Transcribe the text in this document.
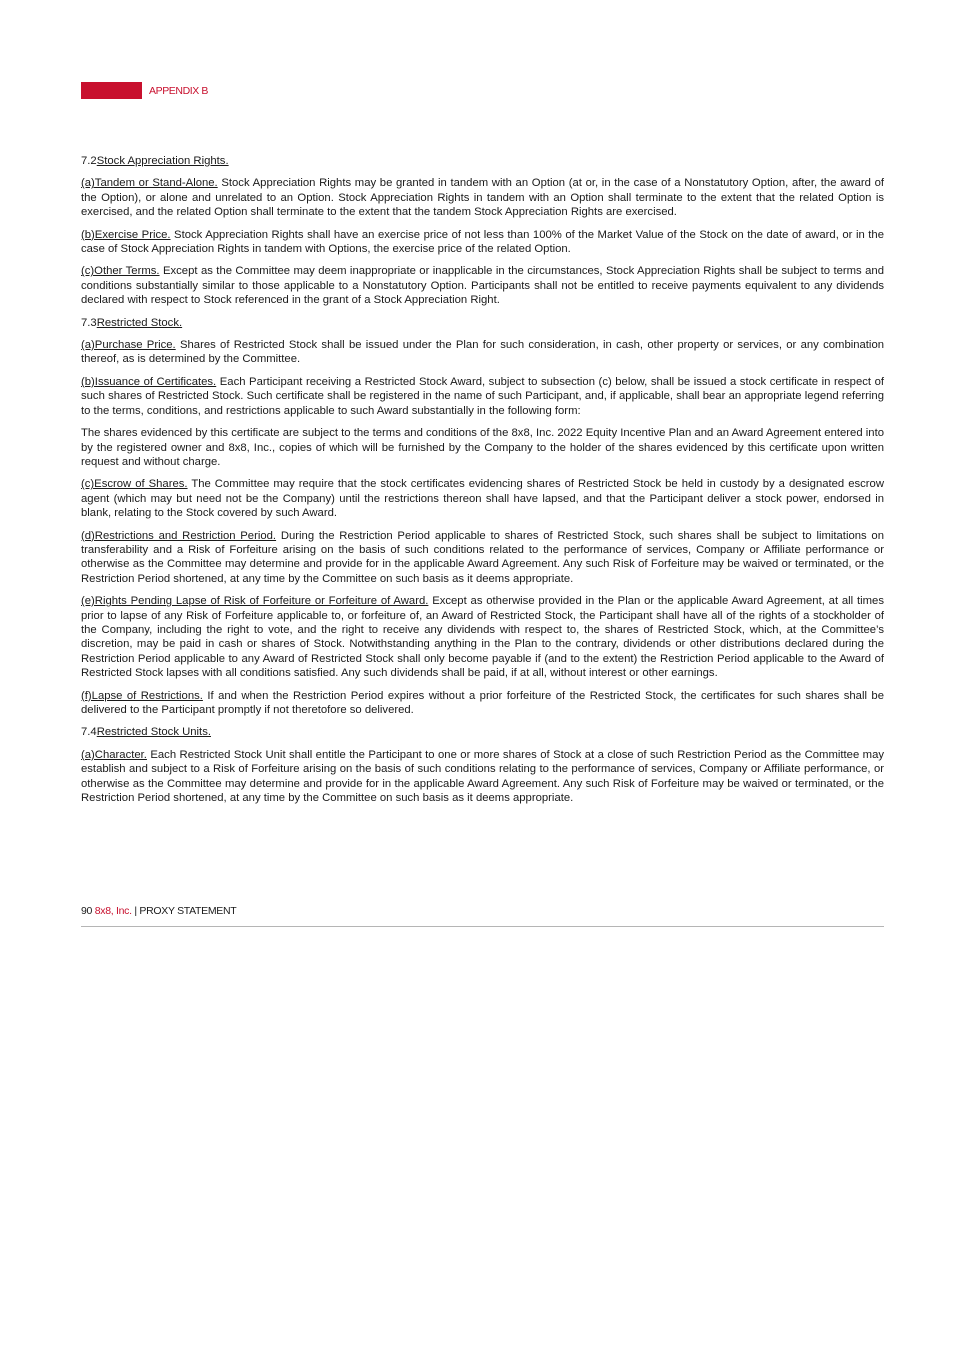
APPENDIX B

7.2Stock Appreciation Rights.

(a)Tandem or Stand-Alone. Stock Appreciation Rights may be granted in tandem with an Option (at or, in the case of a Nonstatutory Option, after, the award of the Option), or alone and unrelated to an Option. Stock Appreciation Rights in tandem with an Option shall terminate to the extent that the related Option is exercised, and the related Option shall terminate to the extent that the tandem Stock Appreciation Rights are exercised.

(b)Exercise Price. Stock Appreciation Rights shall have an exercise price of not less than 100% of the Market Value of the Stock on the date of award, or in the case of Stock Appreciation Rights in tandem with Options, the exercise price of the related Option.

(c)Other Terms. Except as the Committee may deem inappropriate or inapplicable in the circumstances, Stock Appreciation Rights shall be subject to terms and conditions substantially similar to those applicable to a Nonstatutory Option. Participants shall not be entitled to receive payments equivalent to any dividends declared with respect to Stock referenced in the grant of a Stock Appreciation Right.

7.3Restricted Stock.

(a)Purchase Price. Shares of Restricted Stock shall be issued under the Plan for such consideration, in cash, other property or services, or any combination thereof, as is determined by the Committee.

(b)Issuance of Certificates. Each Participant receiving a Restricted Stock Award, subject to subsection (c) below, shall be issued a stock certificate in respect of such shares of Restricted Stock. Such certificate shall be registered in the name of such Participant, and, if applicable, shall bear an appropriate legend referring to the terms, conditions, and restrictions applicable to such Award substantially in the following form:

The shares evidenced by this certificate are subject to the terms and conditions of the 8x8, Inc. 2022 Equity Incentive Plan and an Award Agreement entered into by the registered owner and 8x8, Inc., copies of which will be furnished by the Company to the holder of the shares evidenced by this certificate upon written request and without charge.

(c)Escrow of Shares. The Committee may require that the stock certificates evidencing shares of Restricted Stock be held in custody by a designated escrow agent (which may but need not be the Company) until the restrictions thereon shall have lapsed, and that the Participant deliver a stock power, endorsed in blank, relating to the Stock covered by such Award.

(d)Restrictions and Restriction Period. During the Restriction Period applicable to shares of Restricted Stock, such shares shall be subject to limitations on transferability and a Risk of Forfeiture arising on the basis of such conditions related to the performance of services, Company or Affiliate performance or otherwise as the Committee may determine and provide for in the applicable Award Agreement. Any such Risk of Forfeiture may be waived or terminated, or the Restriction Period shortened, at any time by the Committee on such basis as it deems appropriate.

(e)Rights Pending Lapse of Risk of Forfeiture or Forfeiture of Award. Except as otherwise provided in the Plan or the applicable Award Agreement, at all times prior to lapse of any Risk of Forfeiture applicable to, or forfeiture of, an Award of Restricted Stock, the Participant shall have all of the rights of a stockholder of the Company, including the right to vote, and the right to receive any dividends with respect to, the shares of Restricted Stock, which, at the Committee’s discretion, may be paid in cash or shares of Stock. Notwithstanding anything in the Plan to the contrary, dividends or other distributions declared during the Restriction Period applicable to any Award of Restricted Stock shall only become payable if (and to the extent) the Restriction Period applicable to the Award of Restricted Stock lapses with all conditions satisfied. Any such dividends shall be paid, if at all, without interest or other earnings.

(f)Lapse of Restrictions. If and when the Restriction Period expires without a prior forfeiture of the Restricted Stock, the certificates for such shares shall be delivered to the Participant promptly if not theretofore so delivered.

7.4Restricted Stock Units.

(a)Character. Each Restricted Stock Unit shall entitle the Participant to one or more shares of Stock at a close of such Restriction Period as the Committee may establish and subject to a Risk of Forfeiture arising on the basis of such conditions relating to the performance of services, Company or Affiliate performance, or otherwise as the Committee may determine and provide for in the applicable Award Agreement. Any such Risk of Forfeiture may be waived or terminated, or the Restriction Period shortened, at any time by the Committee on such basis as it deems appropriate.

90 8x8, Inc. | PROXY STATEMENT
